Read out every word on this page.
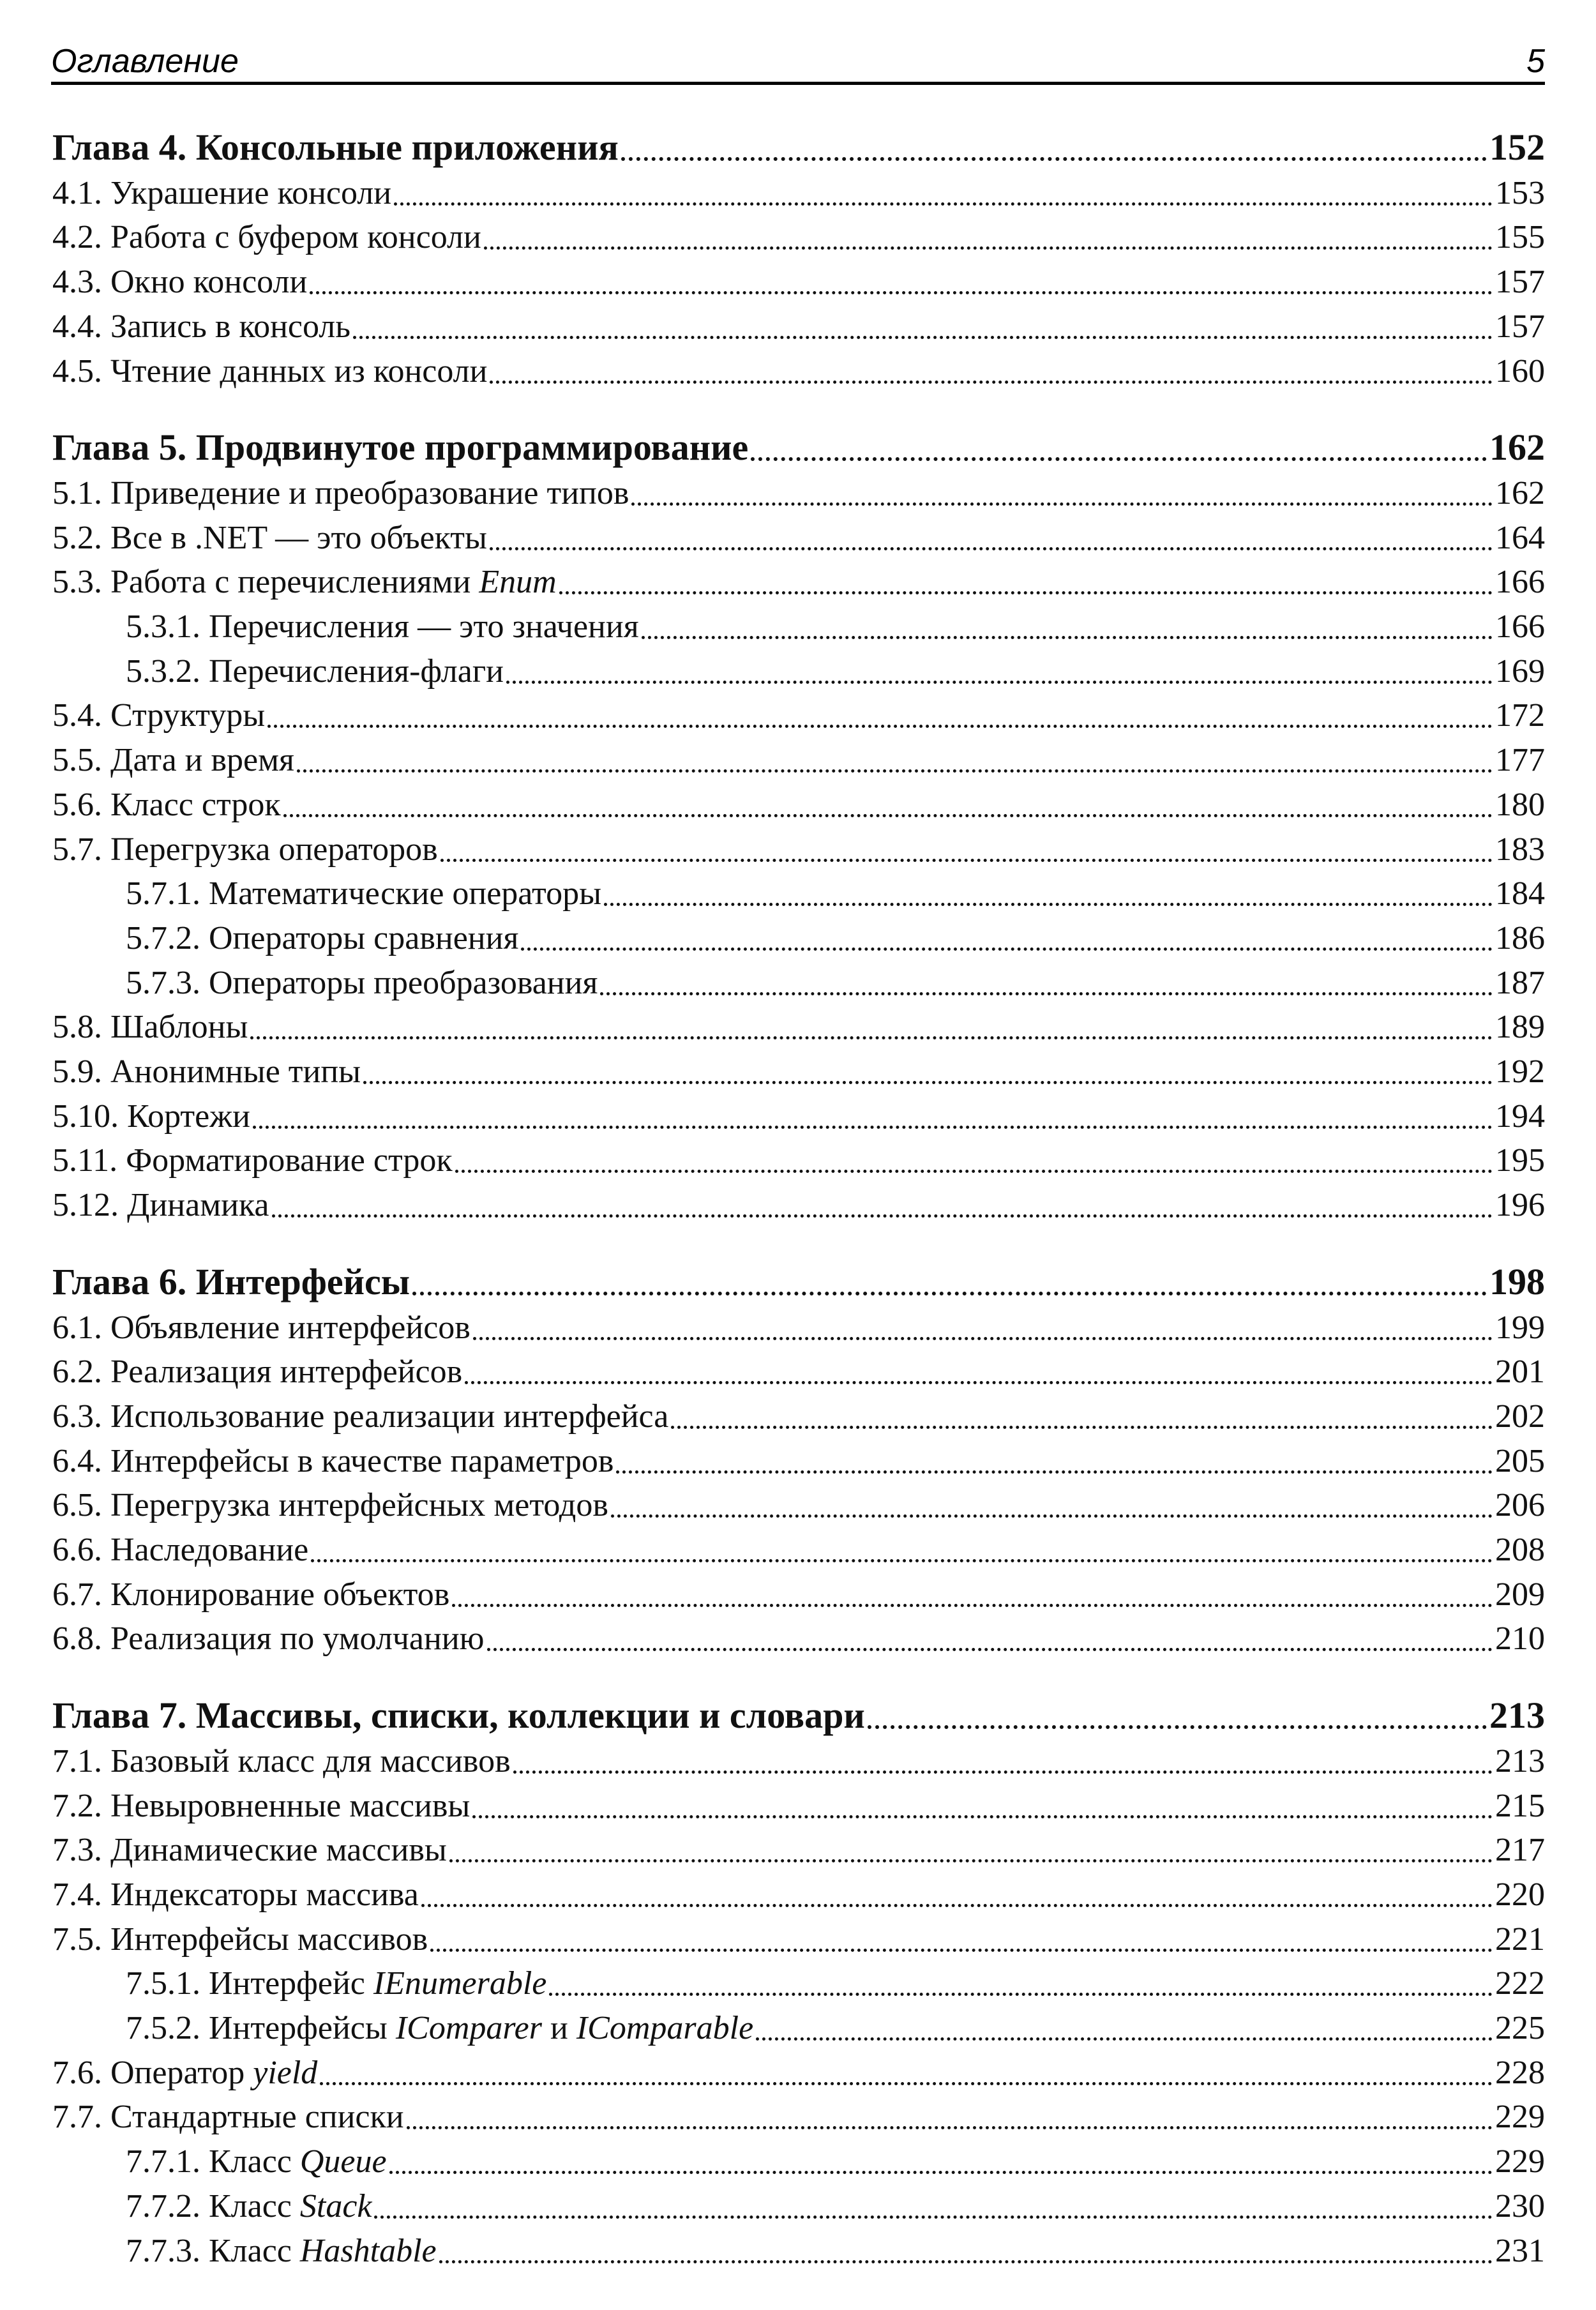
Оглавление	5
Глава 4. Консольные приложения	152
4.1. Украшение консоли	153
4.2. Работа с буфером консоли	155
4.3. Окно консоли	157
4.4. Запись в консоль	157
4.5. Чтение данных из консоли	160
Глава 5. Продвинутое программирование	162
5.1. Приведение и преобразование типов	162
5.2. Все в .NET — это объекты	164
5.3. Работа с перечислениями Enum	166
5.3.1. Перечисления — это значения	166
5.3.2. Перечисления-флаги	169
5.4. Структуры	172
5.5. Дата и время	177
5.6. Класс строк	180
5.7. Перегрузка операторов	183
5.7.1. Математические операторы	184
5.7.2. Операторы сравнения	186
5.7.3. Операторы преобразования	187
5.8. Шаблоны	189
5.9. Анонимные типы	192
5.10. Кортежи	194
5.11. Форматирование строк	195
5.12. Динамика	196
Глава 6. Интерфейсы	198
6.1. Объявление интерфейсов	199
6.2. Реализация интерфейсов	201
6.3. Использование реализации интерфейса	202
6.4. Интерфейсы в качестве параметров	205
6.5. Перегрузка интерфейсных методов	206
6.6. Наследование	208
6.7. Клонирование объектов	209
6.8. Реализация по умолчанию	210
Глава 7. Массивы, списки, коллекции и словари	213
7.1. Базовый класс для массивов	213
7.2. Невыровненные массивы	215
7.3. Динамические массивы	217
7.4. Индексаторы массива	220
7.5. Интерфейсы массивов	221
7.5.1. Интерфейс IEnumerable	222
7.5.2. Интерфейсы IComparer и IComparable	225
7.6. Оператор yield	228
7.7. Стандартные списки	229
7.7.1. Класс Queue	229
7.7.2. Класс Stack	230
7.7.3. Класс Hashtable	231
